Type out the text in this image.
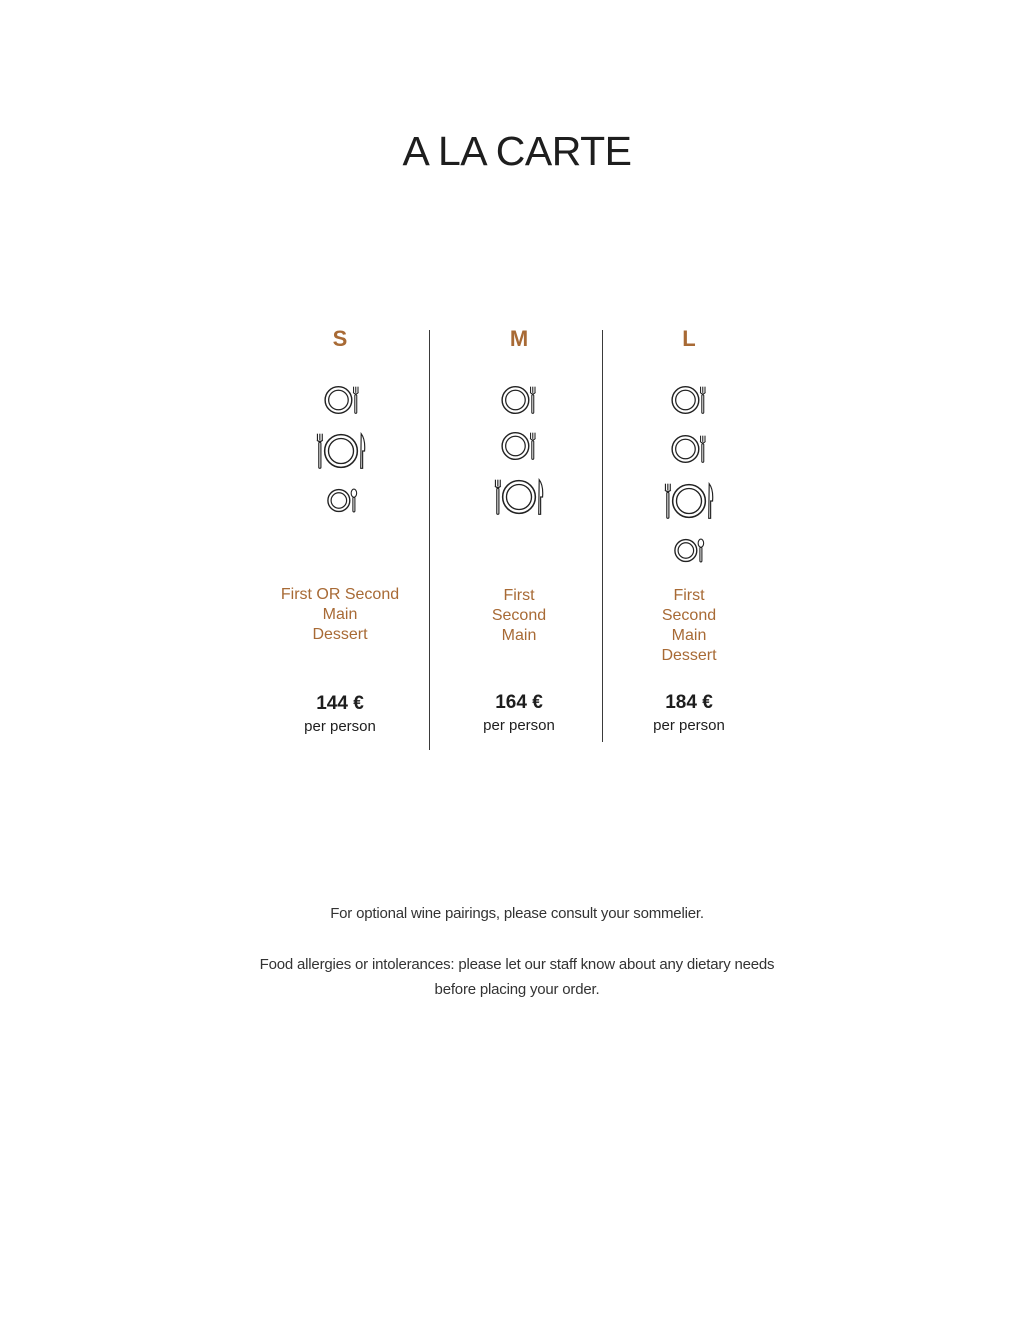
A LA CARTE
S
First OR Second
Main
Dessert
144 €
per person
M
First
Second
Main
164 €
per person
L
First
Second
Main
Dessert
184 €
per person
For optional wine pairings, please consult your sommelier.
Food allergies or intolerances: please let our staff know about any dietary needs
before placing your order.
